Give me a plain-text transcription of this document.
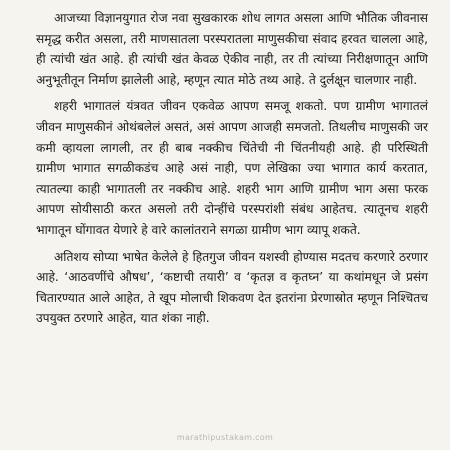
आजच्या विज्ञानयुगात रोज नवा सुखकारक शोध लागत असला आणि भौतिक जीवनास समृद्ध करीत असला, तरी माणसातला परस्परातला माणुसकीचा संवाद हरवत चालला आहे, ही त्यांची खंत आहे. ही त्यांची खंत केवळ ऐकीव नाही, तर ती त्यांच्या निरीक्षणातून आणि अनुभूतीतून निर्माण झालेली आहे, म्हणून त्यात मोठे तथ्य आहे. ते दुर्लक्षून चालणार नाही.

शहरी भागातलं यंत्रवत जीवन एकवेळ आपण समजू शकतो. पण ग्रामीण भागातलं जीवन माणुसकीनं ओथंबलेलं असतं, असं आपण आजही समजतो. तिथलीच माणुसकी जर कमी व्हायला लागली, तर ही बाब नक्कीच चिंतेची नी चिंतनीयही आहे. ही परिस्थिती ग्रामीण भागात सगळीकडंच आहे असं नाही, पण लेखिका ज्या भागात कार्य करतात, त्यातल्या काही भागातली तर नक्कीच आहे. शहरी भाग आणि ग्रामीण भाग असा फरक आपण सोयीसाठी करत असलो तरी दोन्हींचे परस्परांशी संबंध आहेतच. त्यातूनच शहरी भागातून घोंगावत येणारे हे वारे कालांतराने सगळा ग्रामीण भाग व्यापू शकते.

अतिशय सोप्या भाषेत केलेले हे हितगुज जीवन यशस्वी होण्यास मदतच करणारे ठरणार आहे. ‘आठवणींचे औषध’, ‘कष्टाची तयारी’ व ‘कृतज्ञ व कृतघ्न’ या कथांमधून जे प्रसंग चितारण्यात आले आहेत, ते खूप मोलाची शिकवण देत इतरांना प्रेरणास्रोत म्हणून निश्चितच उपयुक्त ठरणारे आहेत, यात शंका नाही.

marathipustakam.com
